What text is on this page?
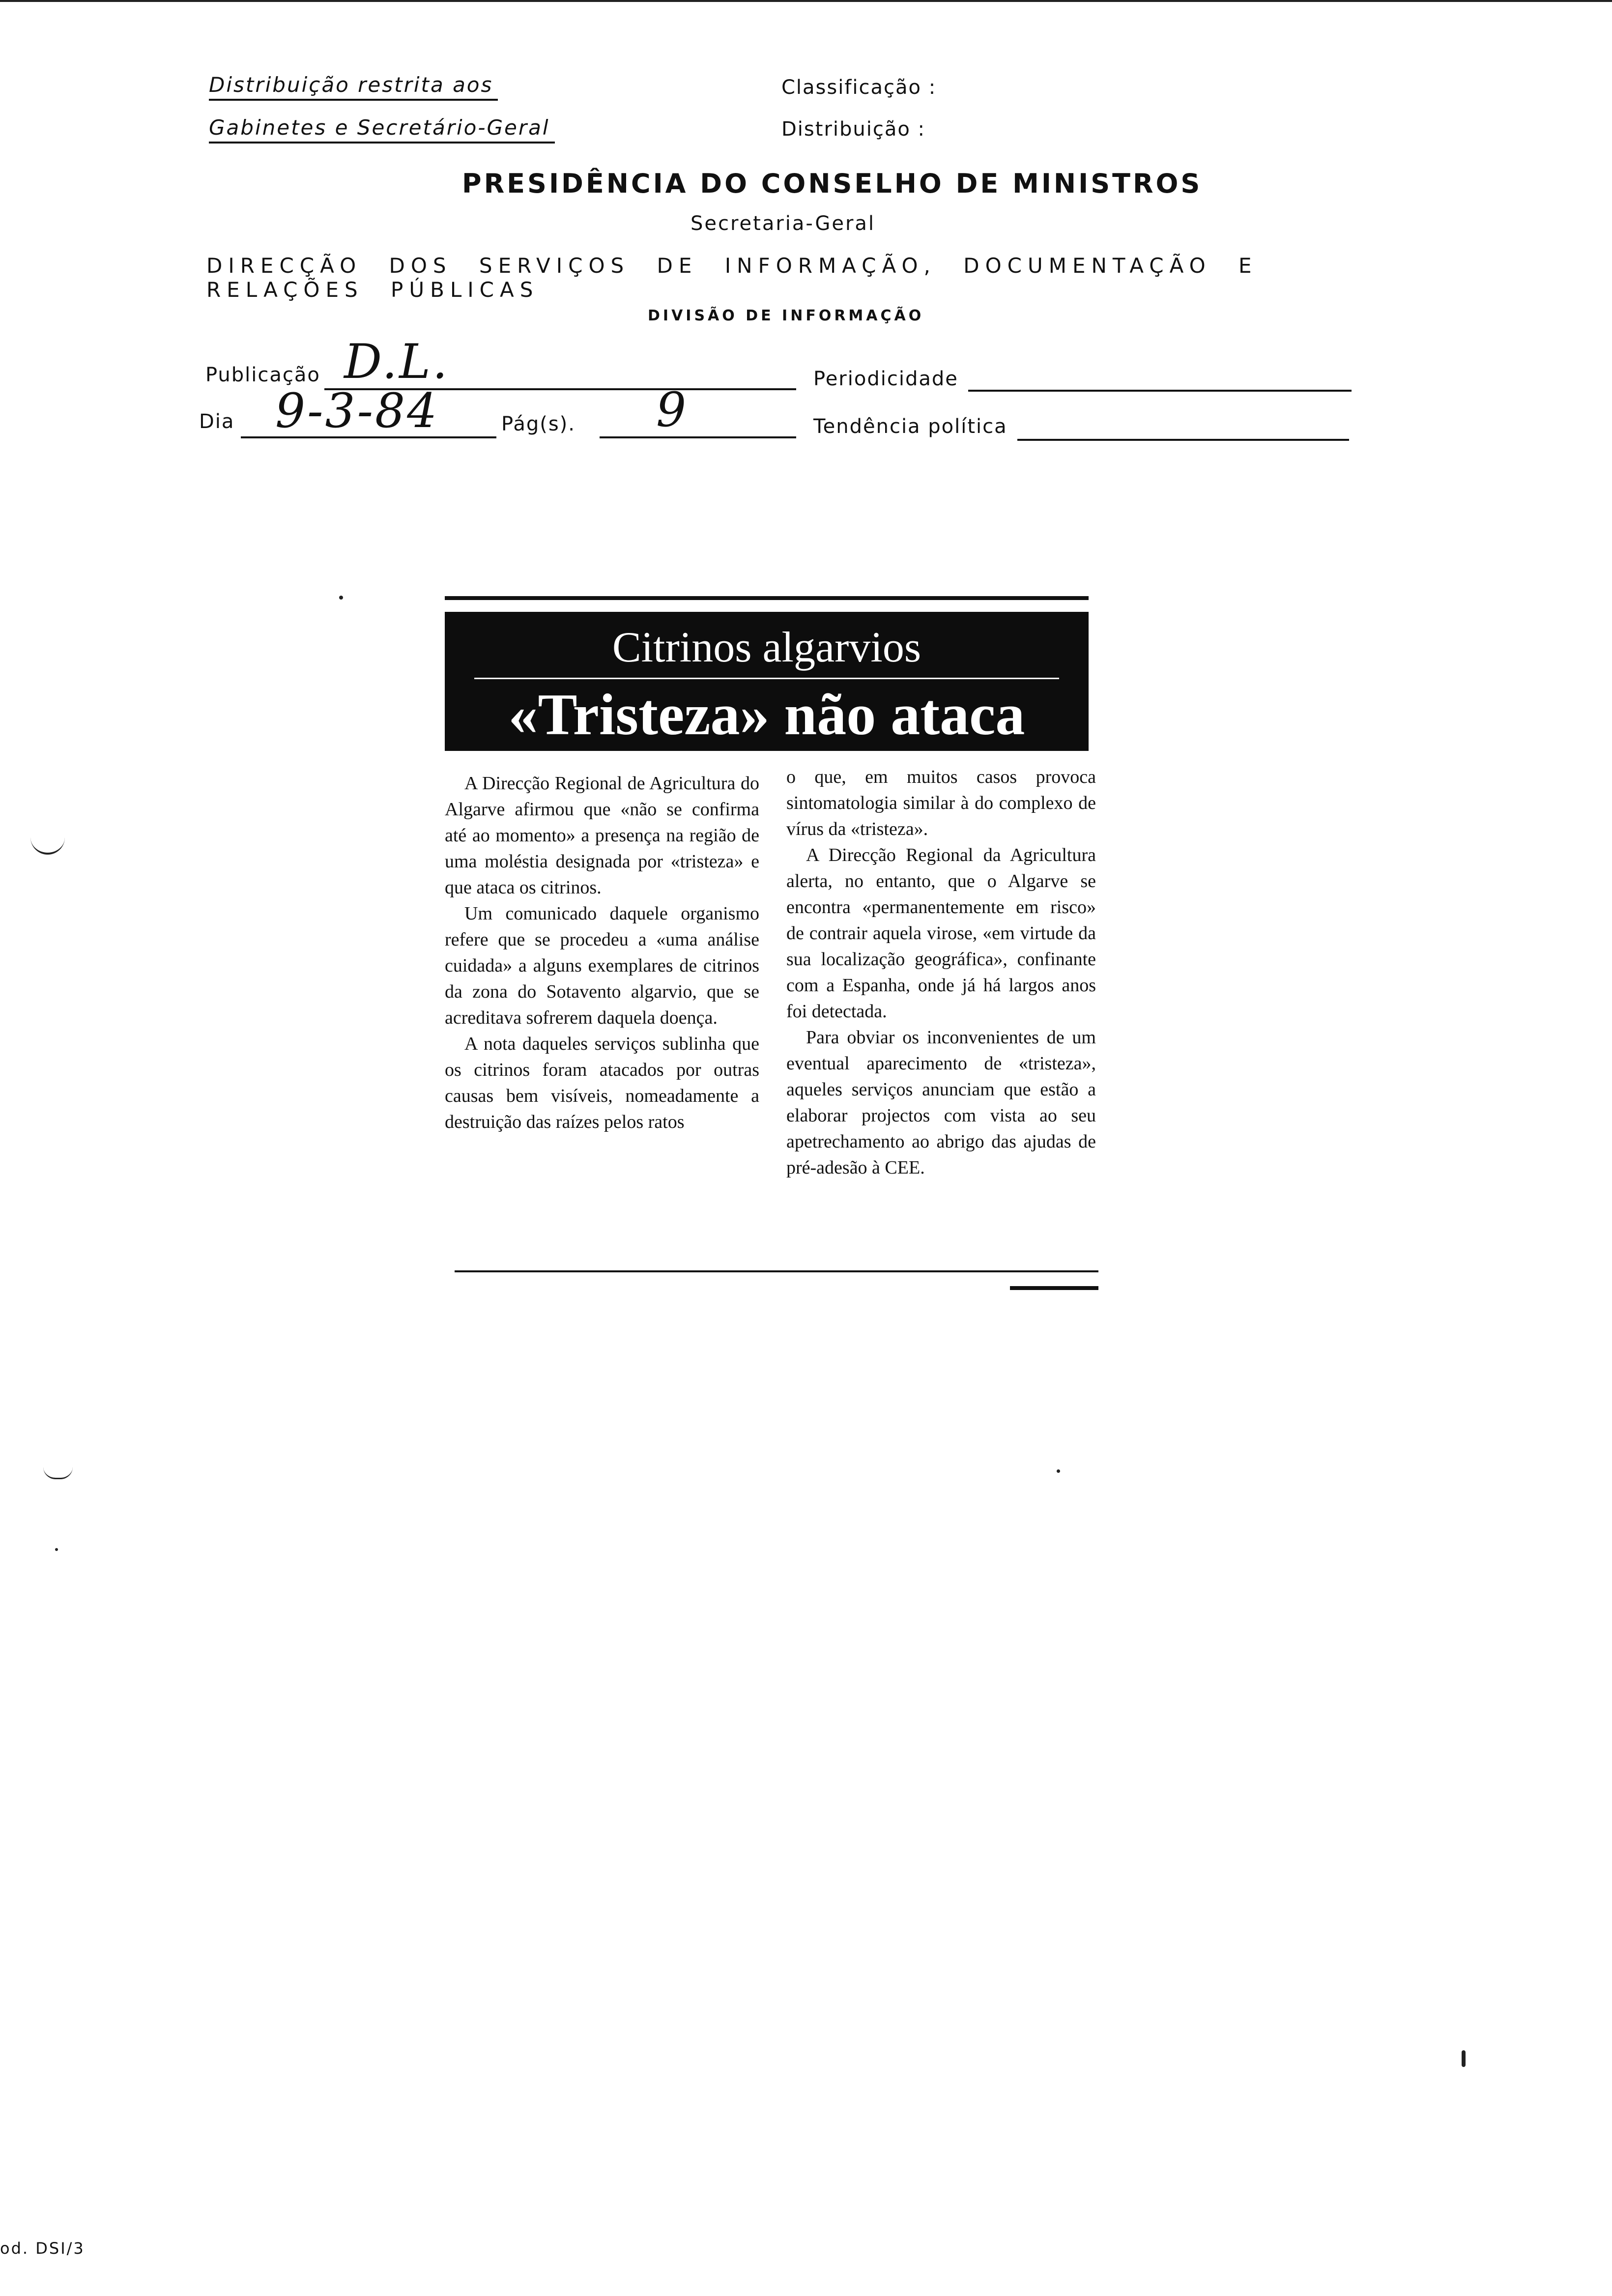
Distribuição restrita aos
Gabinetes e Secretário-Geral
Classificação :
Distribuição :
PRESIDÊNCIA DO CONSELHO DE MINISTROS
Secretaria-Geral
DIRECÇÃO DOS SERVIÇOS DE INFORMAÇÃO, DOCUMENTAÇÃO E RELAÇÕES PÚBLICAS
DIVISÃO DE INFORMAÇÃO
Publicação D.L.	Periodicidade
Dia 9-3-84	Pág(s). 9	Tendência política
Citrinos algarvios
«Tristeza» não ataca

A Direcção Regional de Agricultura do Algarve afirmou que «não se confirma até ao momento» a presença na região de uma moléstia designada por «tristeza» e que ataca os citrinos.

Um comunicado daquele organismo refere que se procedeu a «uma análise cuidada» a alguns exemplares de citrinos da zona do Sotavento algarvio, que se acreditava sofrerem daquela doença.

A nota daqueles serviços sublinha que os citrinos foram atacados por outras causas bem visíveis, nomeadamente a destruição das raízes pelos ratos

o que, em muitos casos provoca sintomatologia similar à do complexo de vírus da «tristeza».

A Direcção Regional da Agricultura alerta, no entanto, que o Algarve se encontra «permanentemente em risco» de contrair aquela virose, «em virtude da sua localização geográfica», confinante com a Espanha, onde já há largos anos foi detectada.

Para obviar os inconvenientes de um eventual aparecimento de «tristeza», aqueles serviços anunciam que estão a elaborar projectos com vista ao seu apetrechamento ao abrigo das ajudas de pré-adesão à CEE.

od. DSI/3
